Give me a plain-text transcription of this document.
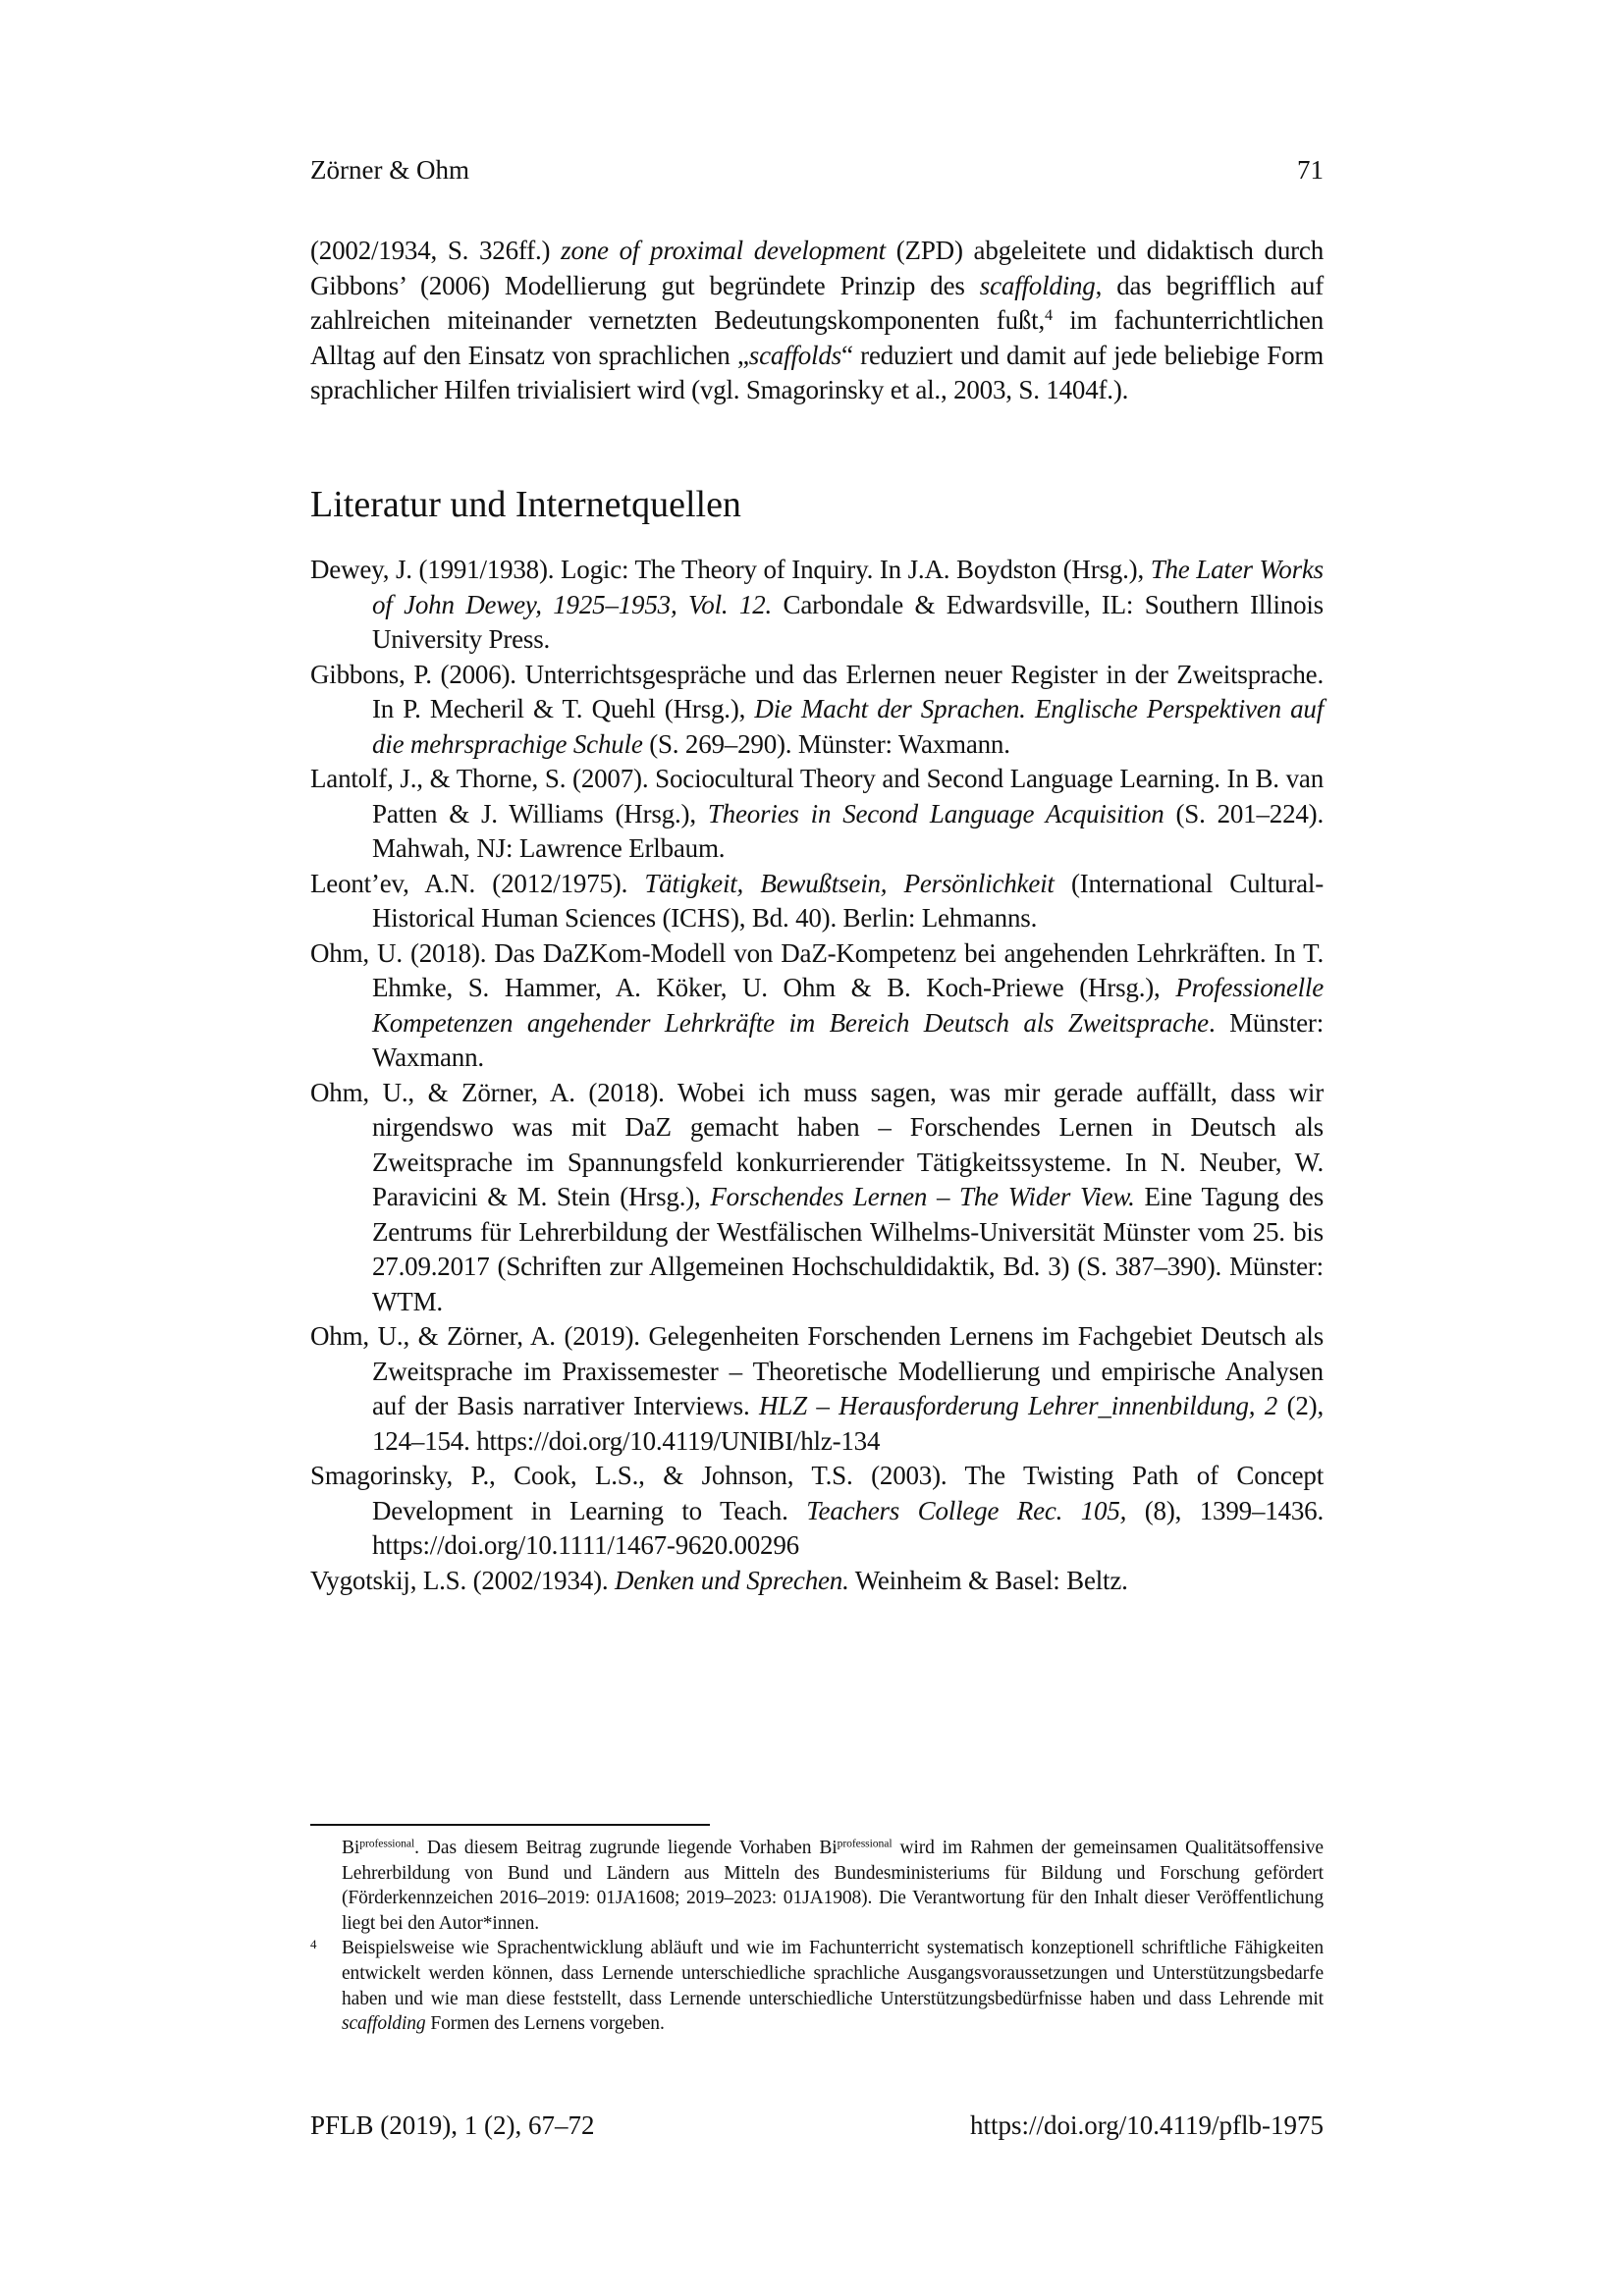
Zörner & Ohm	71
(2002/1934, S. 326ff.) zone of proximal development (ZPD) abgeleitete und didaktisch durch Gibbons’ (2006) Modellierung gut begründete Prinzip des scaffolding, das begrifflich auf zahlreichen miteinander vernetzten Bedeutungskomponenten fußt,$^4$ im fachunterrichtlichen Alltag auf den Einsatz von sprachlichen „scaffolds“ reduziert und damit auf jede beliebige Form sprachlicher Hilfen trivialisiert wird (vgl. Smagorinsky et al., 2003, S. 1404f.).
Literatur und Internetquellen
Dewey, J. (1991/1938). Logic: The Theory of Inquiry. In J.A. Boydston (Hrsg.), The Later Works of John Dewey, 1925–1953, Vol. 12. Carbondale & Edwardsville, IL: Southern Illinois University Press.
Gibbons, P. (2006). Unterrichtsgespräche und das Erlernen neuer Register in der Zweitsprache. In P. Mecheril & T. Quehl (Hrsg.), Die Macht der Sprachen. Englische Perspektiven auf die mehrsprachige Schule (S. 269–290). Münster: Waxmann.
Lantolf, J., & Thorne, S. (2007). Sociocultural Theory and Second Language Learning. In B. van Patten & J. Williams (Hrsg.), Theories in Second Language Acquisition (S. 201–224). Mahwah, NJ: Lawrence Erlbaum.
Leont’ev, A.N. (2012/1975). Tätigkeit, Bewußtsein, Persönlichkeit (International Cultural-Historical Human Sciences (ICHS), Bd. 40). Berlin: Lehmanns.
Ohm, U. (2018). Das DaZKom-Modell von DaZ-Kompetenz bei angehenden Lehrkräften. In T. Ehmke, S. Hammer, A. Köker, U. Ohm & B. Koch-Priewe (Hrsg.), Professionelle Kompetenzen angehender Lehrkräfte im Bereich Deutsch als Zweitsprache. Münster: Waxmann.
Ohm, U., & Zörner, A. (2018). Wobei ich muss sagen, was mir gerade auffällt, dass wir nirgendswo was mit DaZ gemacht haben – Forschendes Lernen in Deutsch als Zweitsprache im Spannungsfeld konkurrierender Tätigkeitssysteme. In N. Neuber, W. Paravicini & M. Stein (Hrsg.), Forschendes Lernen – The Wider View. Eine Tagung des Zentrums für Lehrerbildung der Westfälischen Wilhelms-Universität Münster vom 25. bis 27.09.2017 (Schriften zur Allgemeinen Hochschuldidaktik, Bd. 3) (S. 387–390). Münster: WTM.
Ohm, U., & Zörner, A. (2019). Gelegenheiten Forschenden Lernens im Fachgebiet Deutsch als Zweitsprache im Praxissemester – Theoretische Modellierung und empirische Analysen auf der Basis narrativer Interviews. HLZ – Herausforderung Lehrer_innenbildung, 2 (2), 124–154. https://doi.org/10.4119/UNIBI/hlz-134
Smagorinsky, P., Cook, L.S., & Johnson, T.S. (2003). The Twisting Path of Concept Development in Learning to Teach. Teachers College Rec. 105, (8), 1399–1436. https://doi.org/10.1111/1467-9620.00296
Vygotskij, L.S. (2002/1934). Denken und Sprechen. Weinheim & Basel: Beltz.
$Bi^{professional}$. Das diesem Beitrag zugrunde liegende Vorhaben $Bi^{professional}$ wird im Rahmen der gemeinsamen Qualitätsoffensive Lehrerbildung von Bund und Ländern aus Mitteln des Bundesministeriums für Bildung und Forschung gefördert (Förderkennzeichen 2016–2019: 01JA1608; 2019–2023: 01JA1908). Die Verantwortung für den Inhalt dieser Veröffentlichung liegt bei den Autor*innen.
4 Beispielsweise wie Sprachentwicklung abläuft und wie im Fachunterricht systematisch konzeptionell schriftliche Fähigkeiten entwickelt werden können, dass Lernende unterschiedliche sprachliche Ausgangsvoraussetzungen und Unterstützungsbedarfe haben und wie man diese feststellt, dass Lernende unterschiedliche Unterstützungsbedürfnisse haben und dass Lehrende mit scaffolding Formen des Lernens vorgeben.
PFLB (2019), 1 (2), 67–72	https://doi.org/10.4119/pflb-1975
